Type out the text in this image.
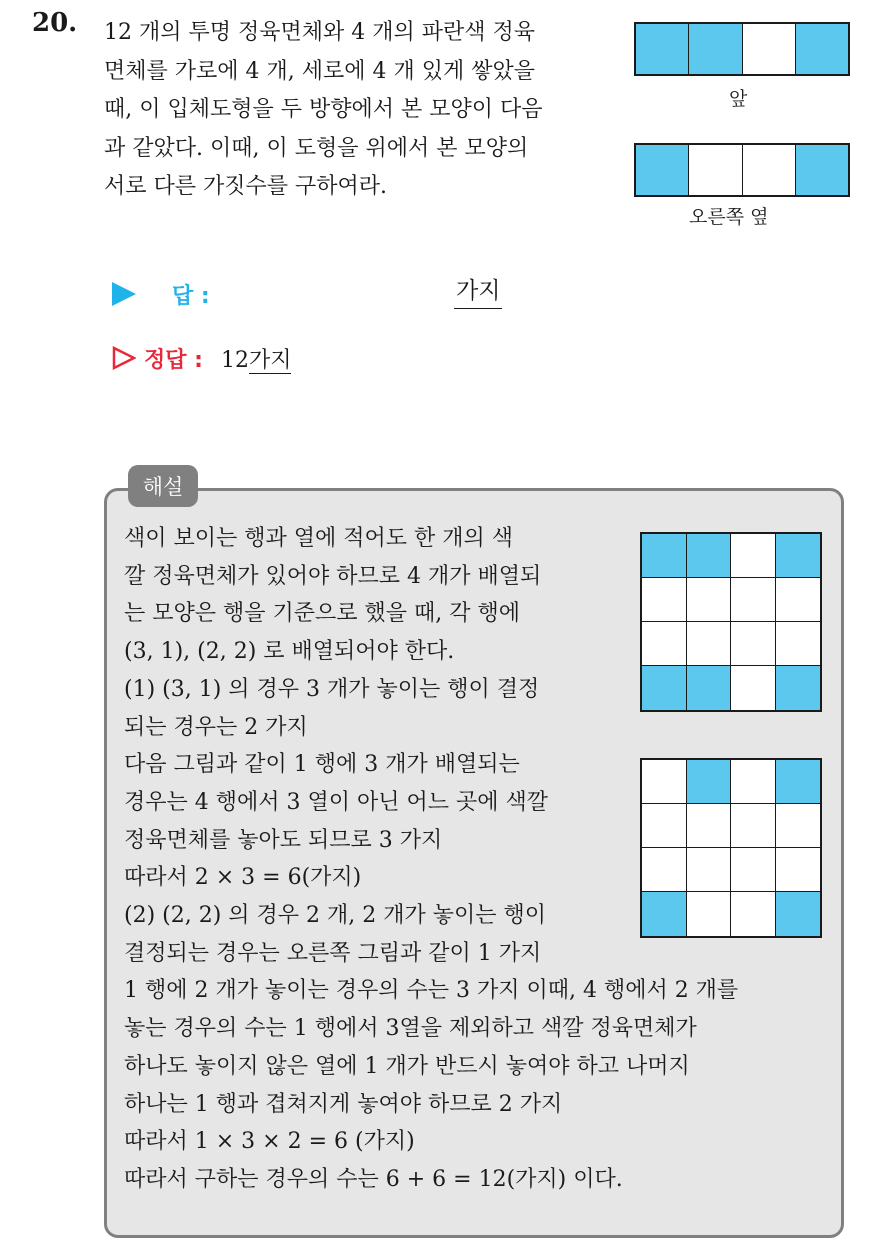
20. 12 개의 투명 정육면체와 4 개의 파란색 정육
면체를 가로에 4 개, 세로에 4 개 있게 쌓았을
때, 이 입체도형을 두 방향에서 본 모양이 다음
과 같았다. 이때, 이 도형을 위에서 본 모양의
서로 다른 가짓수를 구하여라.
앞
오른쪽 옆
답 :	가지
정답 : 12가지
해설
색이 보이는 행과 열에 적어도 한 개의 색
깔 정육면체가 있어야 하므로 4 개가 배열되
는 모양은 행을 기준으로 했을 때, 각 행에
(3, 1), (2, 2) 로 배열되어야 한다.
(1) (3, 1) 의 경우 3 개가 놓이는 행이 결정
되는 경우는 2 가지
다음 그림과 같이 1 행에 3 개가 배열되는
경우는 4 행에서 3 열이 아닌 어느 곳에 색깔
정육면체를 놓아도 되므로 3 가지
따라서 2 × 3 = 6(가지)
(2) (2, 2) 의 경우 2 개, 2 개가 놓이는 행이
결정되는 경우는 오른쪽 그림과 같이 1 가지
1 행에 2 개가 놓이는 경우의 수는 3 가지 이때, 4 행에서 2 개를
놓는 경우의 수는 1 행에서 3열을 제외하고 색깔 정육면체가
하나도 놓이지 않은 열에 1 개가 반드시 놓여야 하고 나머지
하나는 1 행과 겹쳐지게 놓여야 하므로 2 가지
따라서 1 × 3 × 2 = 6 (가지)
따라서 구하는 경우의 수는 6 + 6 = 12(가지) 이다.
